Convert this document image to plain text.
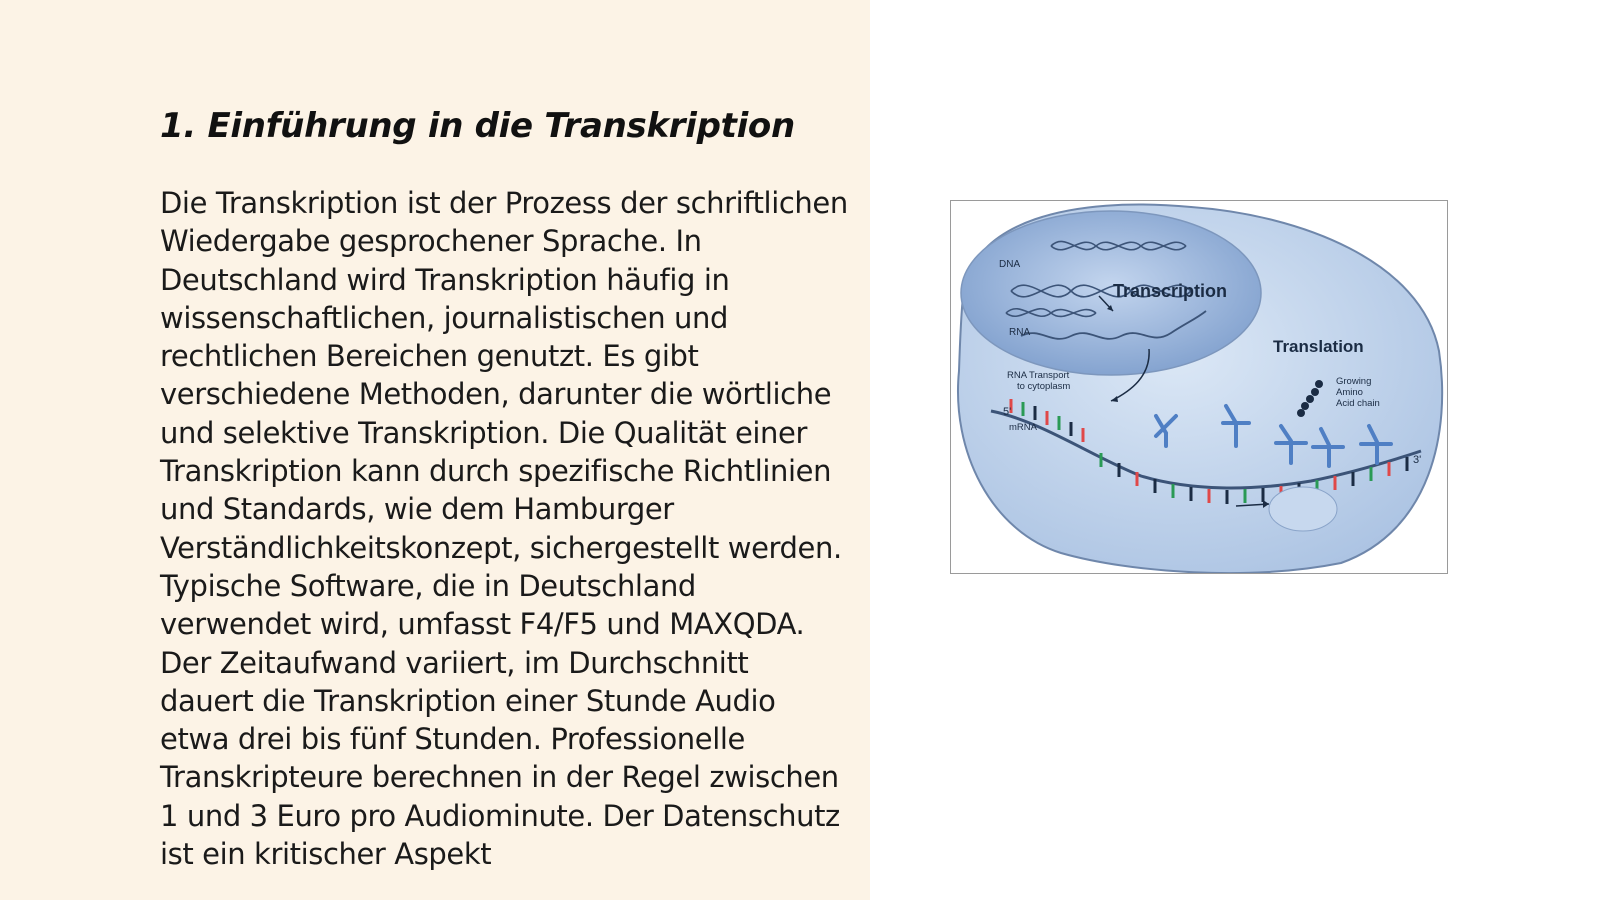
1. Einführung in die Transkription

Die Transkription ist der Prozess der schriftlichen Wiedergabe gesprochener Sprache. In Deutschland wird Transkription häufig in wissenschaftlichen, journalistischen und rechtlichen Bereichen genutzt. Es gibt verschiedene Methoden, darunter die wörtliche und selektive Transkription. Die Qualität einer Transkription kann durch spezifische Richtlinien und Standards, wie dem Hamburger Verständlichkeitskonzept, sichergestellt werden. Typische Software, die in Deutschland verwendet wird, umfasst F4/F5 und MAXQDA. Der Zeitaufwand variiert, im Durchschnitt dauert die Transkription einer Stunde Audio etwa drei bis fünf Stunden. Professionelle Transkripteure berechnen in der Regel zwischen 1 und 3 Euro pro Audiominute. Der Datenschutz ist ein kritischer Aspekt

DNA
Transcription
RNA
Translation
RNA Transport
to cytoplasm	Growing
Amino
Acid chain
5'
mRNA
3'
